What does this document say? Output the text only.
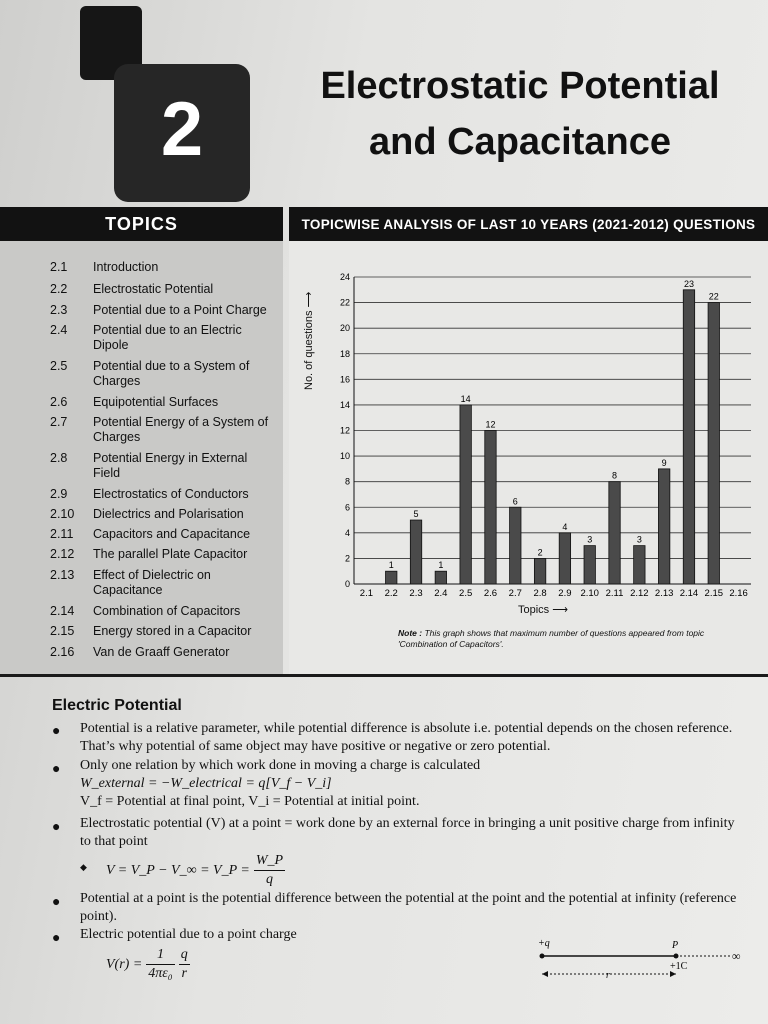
2
Electrostatic Potential
and Capacitance
TOPICS	TOPICWISE ANALYSIS OF LAST 10 YEARS (2021-2012) QUESTIONS
2.1 Introduction
2.2 Electrostatic Potential
2.3 Potential due to a Point Charge
2.4 Potential due to an Electric
Dipole
2.5 Potential due to a System of
Charges
2.6 Equipotential Surfaces
2.7 Potential Energy of a System of
Charges
2.8 Potential Energy in External
Field
2.9 Electrostatics of Conductors
2.10 Dielectrics and Polarisation
2.11 Capacitors and Capacitance
2.12 The parallel Plate Capacitor
2.13 Effect of Dielectric on
Capacitance
2.14 Combination of Capacitors
2.15 Energy stored in a Capacitor
2.16 Van de Graaff Generator
0
2
4
6
8
10
12
14
16
18
20
22
24
2.1
1
2.2
5
2.3
1
2.4
14
2.5
12
2.6
6
2.7
2
2.8
4
2.9
3
2.10
8
2.11
3
2.12
9
2.13
23
2.14
22
2.15 2.16
No. of questions ⟶
Topics ⟶
Note : This graph shows that maximum number of questions appeared from topic 'Combination of Capacitors'.
Electric Potential
● Potential is a relative parameter, while potential difference is absolute i.e. potential depends on the chosen reference.
That’s why potential of same object may have positive or negative or zero potential.
● Only one relation by which work done in moving a charge is calculated
W_external = −W_electrical = q[V_f − V_i]
V_f = Potential at final point, V_i = Potential at initial point.
● Electrostatic potential (V) at a point = work done by an external force in bringing a unit positive charge from infinity
to that point
◆ V = V_P − V_∞ = V_P = $\frac{W\_P}{q}$
● Potential at a point is the potential difference between the potential at the point and the potential at infinity (reference
point).
● Electric potential due to a point charge
$V(r) = \frac{1}{\text{4πε₀}} \frac{q}{r}$
+q	P
+1C
∞
r
